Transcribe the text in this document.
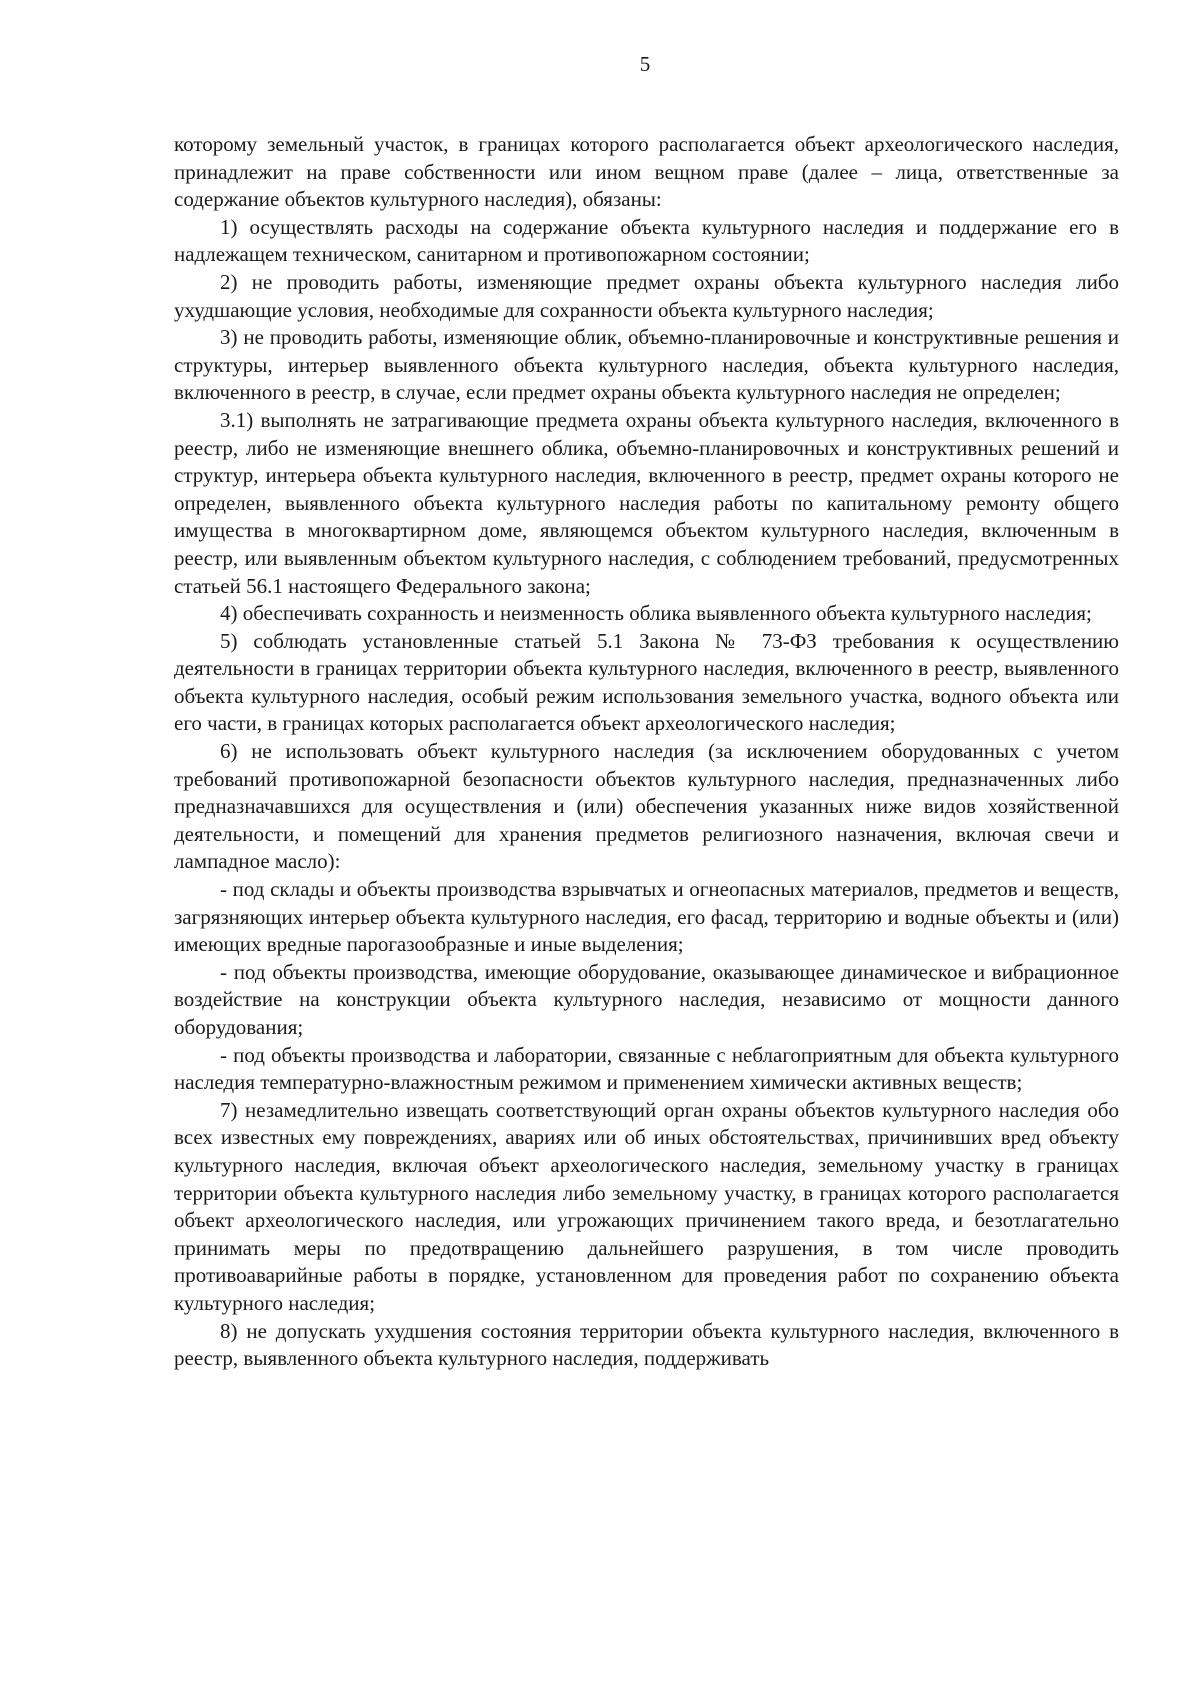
5

которому земельный участок, в границах которого располагается объект археологического наследия, принадлежит на праве собственности или ином вещном праве (далее – лица, ответственные за содержание объектов культурного наследия), обязаны:

1) осуществлять расходы на содержание объекта культурного наследия и поддержание его в надлежащем техническом, санитарном и противопожарном состоянии;

2) не проводить работы, изменяющие предмет охраны объекта культурного наследия либо ухудшающие условия, необходимые для сохранности объекта культурного наследия;

3) не проводить работы, изменяющие облик, объемно-планировочные и конструктивные решения и структуры, интерьер выявленного объекта культурного наследия, объекта культурного наследия, включенного в реестр, в случае, если предмет охраны объекта культурного наследия не определен;

3.1) выполнять не затрагивающие предмета охраны объекта культурного наследия, включенного в реестр, либо не изменяющие внешнего облика, объемно-планировочных и конструктивных решений и структур, интерьера объекта культурного наследия, включенного в реестр, предмет охраны которого не определен, выявленного объекта культурного наследия работы по капитальному ремонту общего имущества в многоквартирном доме, являющемся объектом культурного наследия, включенным в реестр, или выявленным объектом культурного наследия, с соблюдением требований, предусмотренных статьей 56.1 настоящего Федерального закона;

4) обеспечивать сохранность и неизменность облика выявленного объекта культурного наследия;

5) соблюдать установленные статьей 5.1 Закона № 73-ФЗ требования к осуществлению деятельности в границах территории объекта культурного наследия, включенного в реестр, выявленного объекта культурного наследия, особый режим использования земельного участка, водного объекта или его части, в границах которых располагается объект археологического наследия;

6) не использовать объект культурного наследия (за исключением оборудованных с учетом требований противопожарной безопасности объектов культурного наследия, предназначенных либо предназначавшихся для осуществления и (или) обеспечения указанных ниже видов хозяйственной деятельности, и помещений для хранения предметов религиозного назначения, включая свечи и лампадное масло):

- под склады и объекты производства взрывчатых и огнеопасных материалов, предметов и веществ, загрязняющих интерьер объекта культурного наследия, его фасад, территорию и водные объекты и (или) имеющих вредные парогазообразные и иные выделения;

- под объекты производства, имеющие оборудование, оказывающее динамическое и вибрационное воздействие на конструкции объекта культурного наследия, независимо от мощности данного оборудования;

- под объекты производства и лаборатории, связанные с неблагоприятным для объекта культурного наследия температурно-влажностным режимом и применением химически активных веществ;

7) незамедлительно извещать соответствующий орган охраны объектов культурного наследия обо всех известных ему повреждениях, авариях или об иных обстоятельствах, причинивших вред объекту культурного наследия, включая объект археологического наследия, земельному участку в границах территории объекта культурного наследия либо земельному участку, в границах которого располагается объект археологического наследия, или угрожающих причинением такого вреда, и безотлагательно принимать меры по предотвращению дальнейшего разрушения, в том числе проводить противоаварийные работы в порядке, установленном для проведения работ по сохранению объекта культурного наследия;

8) не допускать ухудшения состояния территории объекта культурного наследия, включенного в реестр, выявленного объекта культурного наследия, поддерживать
